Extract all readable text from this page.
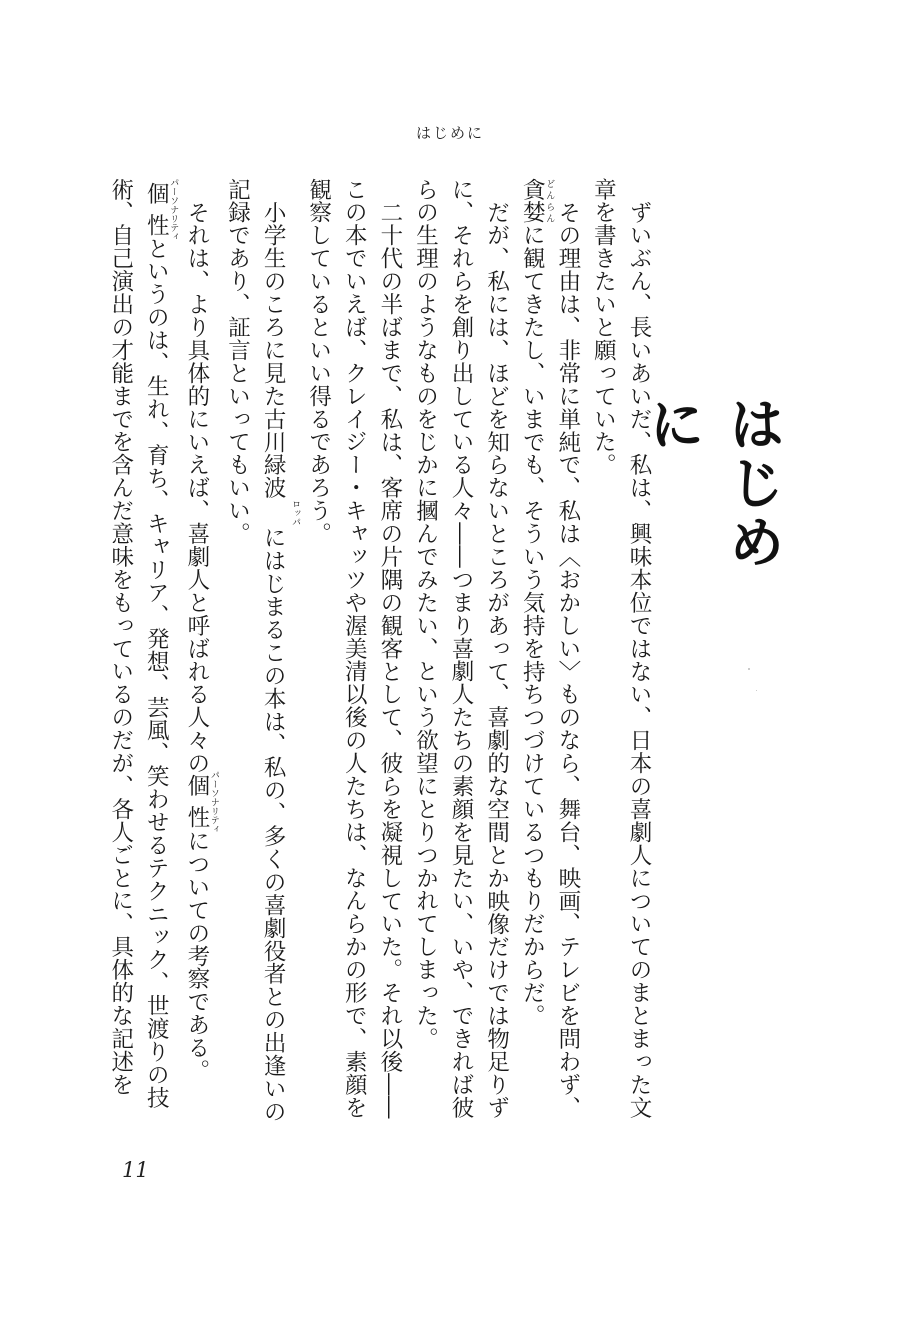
はじめに
はじめに

ずいぶん、長いあいだ、私は、興味本位ではない、日本の喜劇人についてのまとまった文章を書きたいと願っていた。

その理由は、非常に単純で、私は〈おかしい〉ものなら、舞台、映画、テレビを問わず、貪婪 どんらんに観てきたし、いまでも、そういう気持を持ちつづけているつもりだからだ。

だが、私には、ほどを知らないところがあって、喜劇的な空間とか映像だけでは物足りずに、それらを創り出している人々――つまり喜劇人たちの素顔を見たい、いや、できれば彼らの生理のようなものをじかに摑んでみたい、という欲望にとりつかれてしまった。

二十代の半ばまで、私は、客席の片隅の観客として、彼らを凝視していた。それ以後――この本でいえば、クレイジー・キャッツや渥美清以後の人たちは、なんらかの形で、素顔を観察しているといい得るであろう。

小学生のころに見た古川緑波ロッパにはじまるこの本は、私の、多くの喜劇役者との出逢いの記録であり、証言といってもいい。

それは、より具体的にいえば、喜劇人と呼ばれる人々の個性 パーソナリティについての考察である。

個性 パーソナリティというのは、生れ、育ち、キャリア、発想、芸風、笑わせるテクニック、世渡りの技術、自己演出の才能までを含んだ意味をもっているのだが、各人ごとに、具体的な記述を

11
